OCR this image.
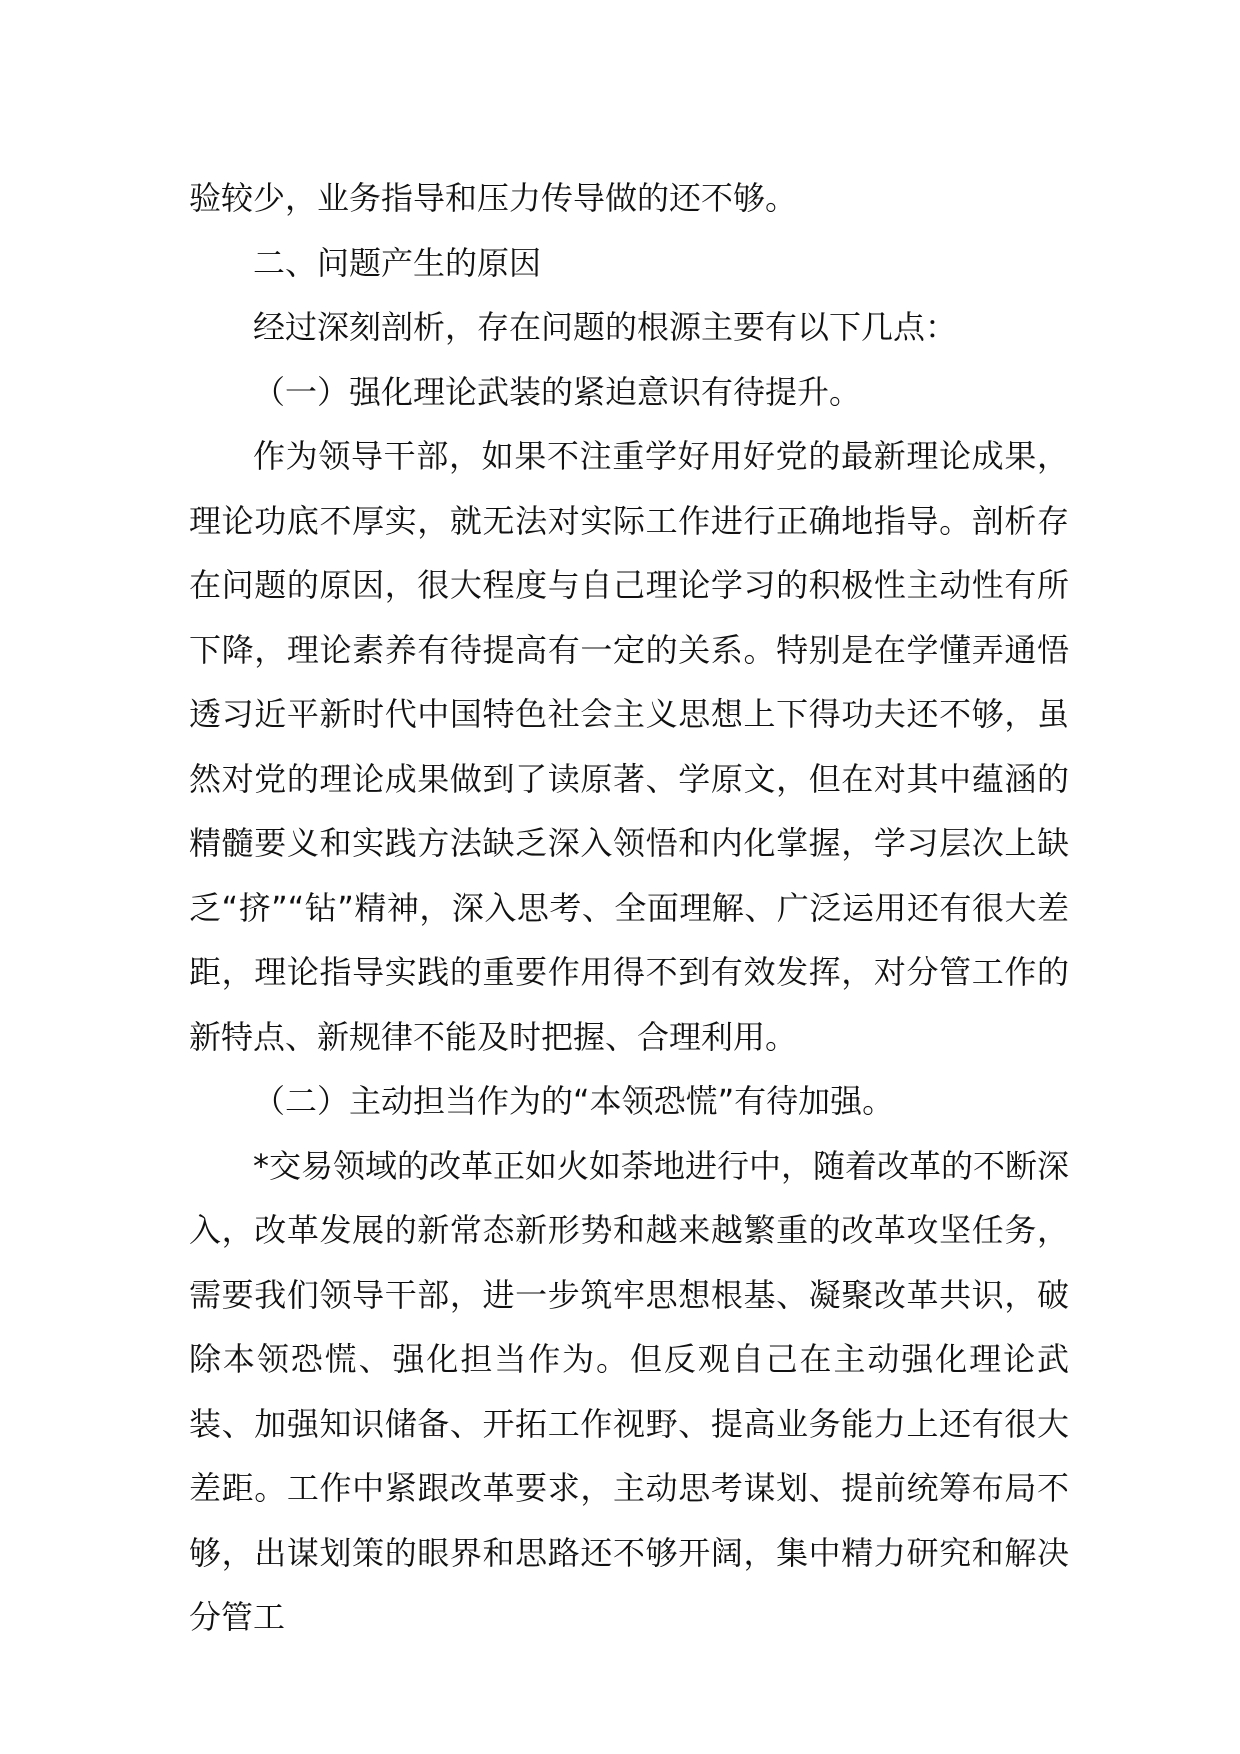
验较少，业务指导和压力传导做的还不够。

二、问题产生的原因

经过深刻剖析，存在问题的根源主要有以下几点：

（一）强化理论武装的紧迫意识有待提升。

作为领导干部，如果不注重学好用好党的最新理论成果，理论功底不厚实，就无法对实际工作进行正确地指导。剖析存在问题的原因，很大程度与自己理论学习的积极性主动性有所下降，理论素养有待提高有一定的关系。特别是在学懂弄通悟透习近平新时代中国特色社会主义思想上下得功夫还不够，虽然对党的理论成果做到了读原著、学原文，但在对其中蕴涵的精髓要义和实践方法缺乏深入领悟和内化掌握，学习层次上缺乏“挤”“钻”精神，深入思考、全面理解、广泛运用还有很大差距，理论指导实践的重要作用得不到有效发挥，对分管工作的新特点、新规律不能及时把握、合理利用。

（二）主动担当作为的“本领恐慌”有待加强。

*交易领域的改革正如火如荼地进行中，随着改革的不断深入，改革发展的新常态新形势和越来越繁重的改革攻坚任务，需要我们领导干部，进一步筑牢思想根基、凝聚改革共识，破除本领恐慌、强化担当作为。但反观自己在主动强化理论武装、加强知识储备、开拓工作视野、提高业务能力上还有很大差距。工作中紧跟改革要求，主动思考谋划、提前统筹布局不够，出谋划策的眼界和思路还不够开阔，集中精力研究和解决分管工
